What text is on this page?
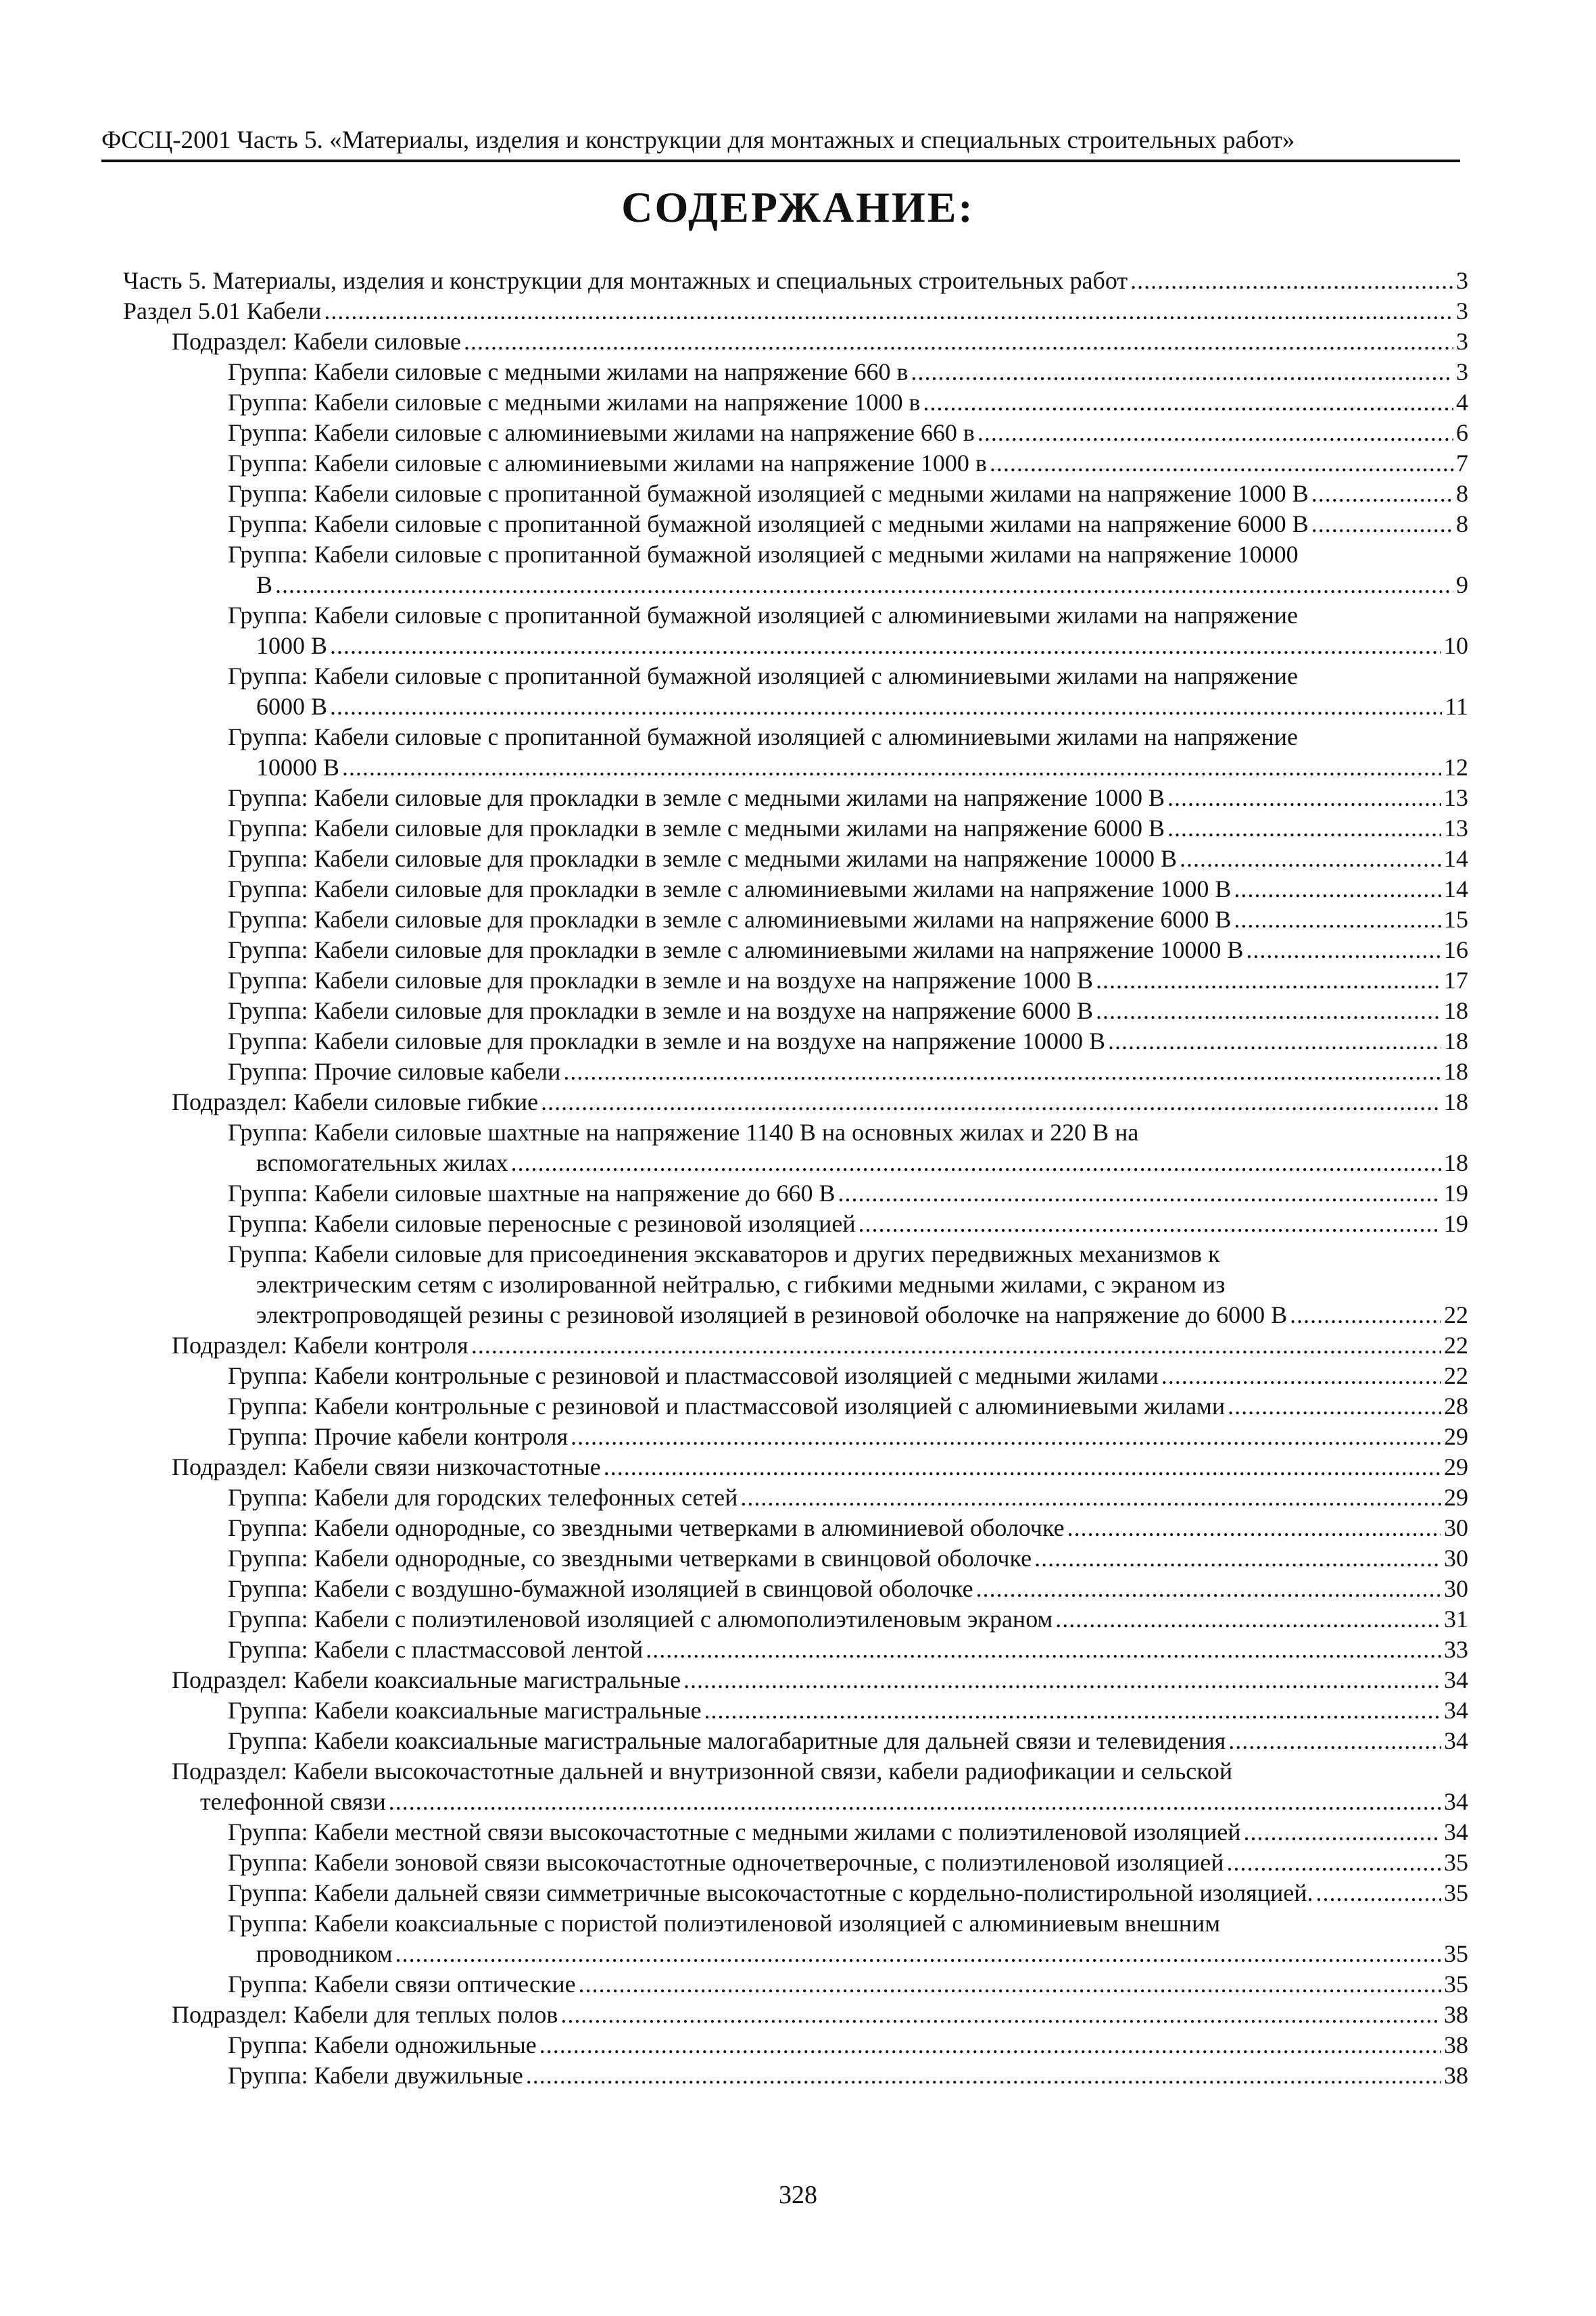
ФССЦ-2001 Часть 5. «Материалы, изделия и конструкции для монтажных и специальных строительных работ»
СОДЕРЖАНИЕ:
Часть 5. Материалы, изделия и конструкции для монтажных и специальных строительных работ .....	3
Раздел 5.01 Кабели .....	3
Подраздел: Кабели силовые .....	3
Группа: Кабели силовые с медными жилами на напряжение 660 в .....	3
Группа: Кабели силовые с медными жилами на напряжение 1000 в .....	4
Группа: Кабели силовые с алюминиевыми жилами на напряжение 660 в .....	6
Группа: Кабели силовые с алюминиевыми жилами на напряжение 1000 в .....	7
Группа: Кабели силовые с пропитанной бумажной изоляцией с медными жилами на напряжение 1000 В .....	8
Группа: Кабели силовые с пропитанной бумажной изоляцией с медными жилами на напряжение 6000 В .....	8
Группа: Кабели силовые с пропитанной бумажной изоляцией с медными жилами на напряжение 10000
В .....	9
Группа: Кабели силовые с пропитанной бумажной изоляцией с алюминиевыми жилами на напряжение
1000 В .....	10
Группа: Кабели силовые с пропитанной бумажной изоляцией с алюминиевыми жилами на напряжение
6000 В .....	11
Группа: Кабели силовые с пропитанной бумажной изоляцией с алюминиевыми жилами на напряжение
10000 В .....	12
Группа: Кабели силовые для прокладки в земле с медными жилами на напряжение 1000 В .....	13
Группа: Кабели силовые для прокладки в земле с медными жилами на напряжение 6000 В .....	13
Группа: Кабели силовые для прокладки в земле с медными жилами на напряжение 10000 В .....	14
Группа: Кабели силовые для прокладки в земле с алюминиевыми жилами на напряжение 1000 В .....	14
Группа: Кабели силовые для прокладки в земле с алюминиевыми жилами на напряжение 6000 В .....	15
Группа: Кабели силовые для прокладки в земле с алюминиевыми жилами на напряжение 10000 В .....	16
Группа: Кабели силовые для прокладки в земле и на воздухе на напряжение 1000 В .....	17
Группа: Кабели силовые для прокладки в земле и на воздухе на напряжение 6000 В .....	18
Группа: Кабели силовые для прокладки в земле и на воздухе на напряжение 10000 В .....	18
Группа: Прочие силовые кабели .....	18
Подраздел: Кабели силовые гибкие .....	18
Группа: Кабели силовые шахтные на напряжение 1140 В на основных жилах и 220 В на
вспомогательных жилах .....	18
Группа: Кабели силовые шахтные на напряжение до 660 В .....	19
Группа: Кабели силовые переносные с резиновой изоляцией .....	19
Группа: Кабели силовые для присоединения экскаваторов и других передвижных механизмов к
электрическим сетям с изолированной нейтралью, с гибкими медными жилами, с экраном из
электропроводящей резины с резиновой изоляцией в резиновой оболочке на напряжение до 6000 В .....	22
Подраздел: Кабели контроля .....	22
Группа: Кабели контрольные с резиновой и пластмассовой изоляцией с медными жилами .....	22
Группа: Кабели контрольные с резиновой и пластмассовой изоляцией с алюминиевыми жилами .....	28
Группа: Прочие кабели контроля .....	29
Подраздел: Кабели связи низкочастотные .....	29
Группа: Кабели для городских телефонных сетей .....	29
Группа: Кабели однородные, со звездными четверками в алюминиевой оболочке .....	30
Группа: Кабели однородные, со звездными четверками в свинцовой оболочке .....	30
Группа: Кабели с воздушно-бумажной изоляцией в свинцовой оболочке .....	30
Группа: Кабели с полиэтиленовой изоляцией с алюмополиэтиленовым экраном .....	31
Группа: Кабели с пластмассовой лентой .....	33
Подраздел: Кабели коаксиальные магистральные .....	34
Группа: Кабели коаксиальные магистральные .....	34
Группа: Кабели коаксиальные магистральные малогабаритные для дальней связи и телевидения .....	34
Подраздел: Кабели высокочастотные дальней и внутризонной связи, кабели радиофикации и сельской
телефонной связи .....	34
Группа: Кабели местной связи высокочастотные с медными жилами с полиэтиленовой изоляцией .....	34
Группа: Кабели зоновой связи высокочастотные одночетверочные, с полиэтиленовой изоляцией .....	35
Группа: Кабели дальней связи симметричные высокочастотные с кордельно-полистирольной изоляцией. .....	35
Группа: Кабели коаксиальные с пористой полиэтиленовой изоляцией с алюминиевым внешним
проводником .....	35
Группа: Кабели связи оптические .....	35
Подраздел: Кабели для теплых полов .....	38
Группа: Кабели одножильные .....	38
Группа: Кабели двужильные .....	38
328
